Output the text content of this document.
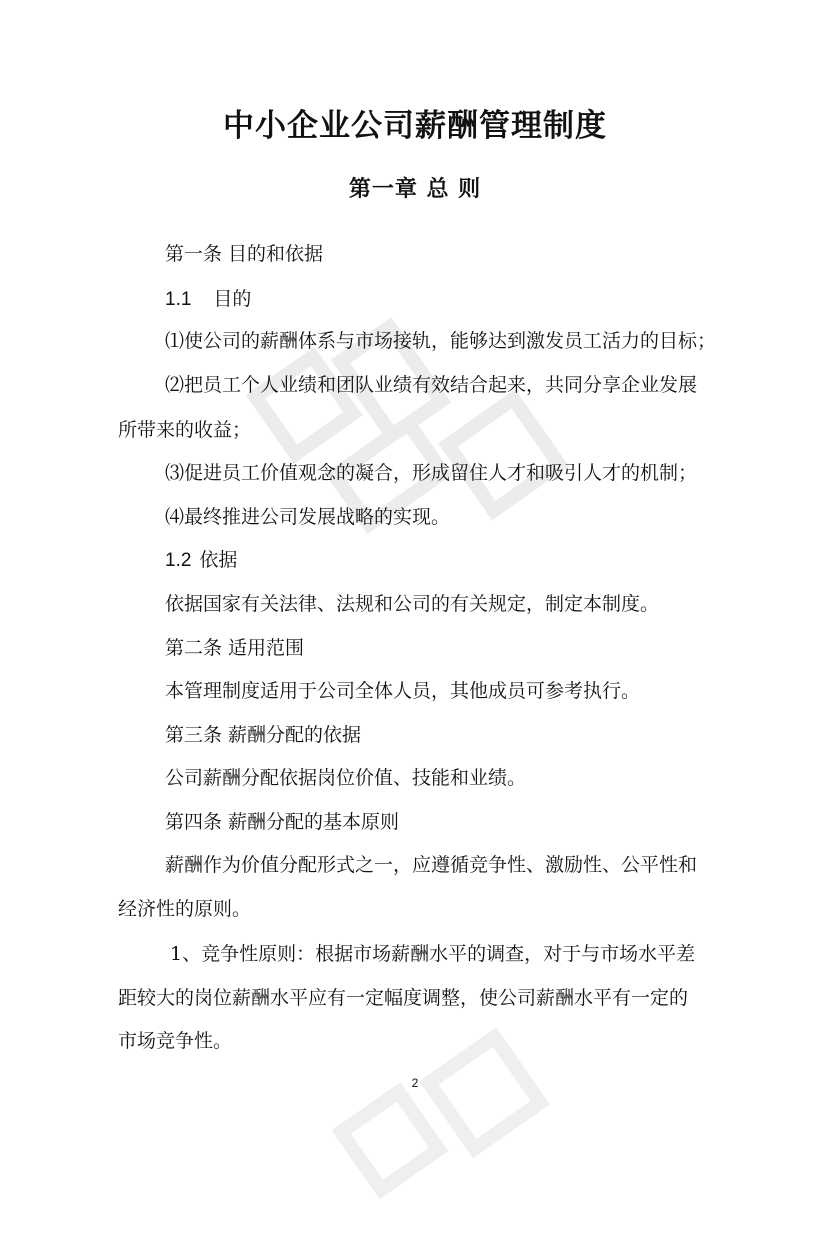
中小企业公司薪酬管理制度
第一章 总 则

第一条 目的和依据

1.1 目的

⑴使公司的薪酬体系与市场接轨，能够达到激发员工活力的目标；

⑵把员工个人业绩和团队业绩有效结合起来，共同分享企业发展

所带来的收益；

⑶促进员工价值观念的凝合，形成留住人才和吸引人才的机制；

⑷最终推进公司发展战略的实现。

1.2 依据

依据国家有关法律、法规和公司的有关规定，制定本制度。

第二条 适用范围

本管理制度适用于公司全体人员，其他成员可参考执行。

第三条 薪酬分配的依据

公司薪酬分配依据岗位价值、技能和业绩。

第四条 薪酬分配的基本原则

薪酬作为价值分配形式之一，应遵循竞争性、激励性、公平性和

经济性的原则。

1、竞争性原则：根据市场薪酬水平的调查，对于与市场水平差

距较大的岗位薪酬水平应有一定幅度调整，使公司薪酬水平有一定的

市场竞争性。

2
